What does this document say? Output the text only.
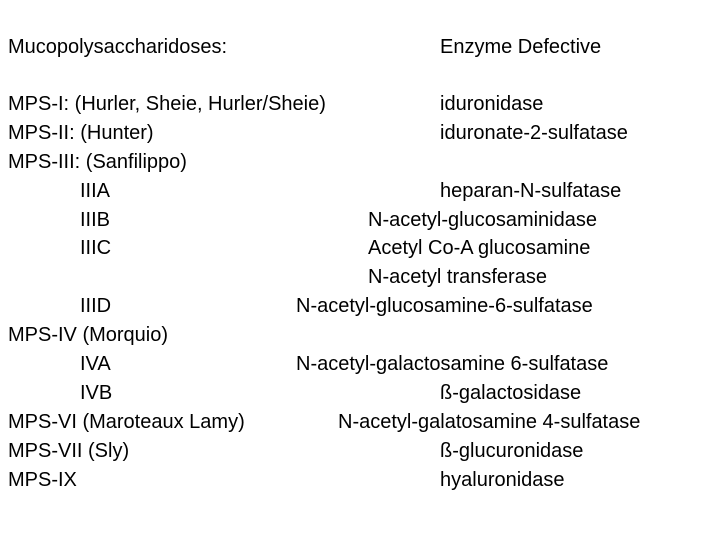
Mucopolysaccharidoses:	Enzyme Defective
MPS-I: (Hurler, Sheie, Hurler/Sheie)	iduronidase
MPS-II: (Hunter)	iduronate-2-sulfatase
MPS-III: (Sanfilippo)
IIIA	heparan-N-sulfatase
IIIB	N-acetyl-glucosaminidase
IIIC	Acetyl Co-A glucosamine
N-acetyl transferase
IIID	N-acetyl-glucosamine-6-sulfatase
MPS-IV (Morquio)
IVA	N-acetyl-galactosamine 6-sulfatase
IVB	ß-galactosidase
MPS-VI (Maroteaux Lamy)	N-acetyl-galatosamine 4-sulfatase
MPS-VII (Sly)	ß-glucuronidase
MPS-IX	hyaluronidase
